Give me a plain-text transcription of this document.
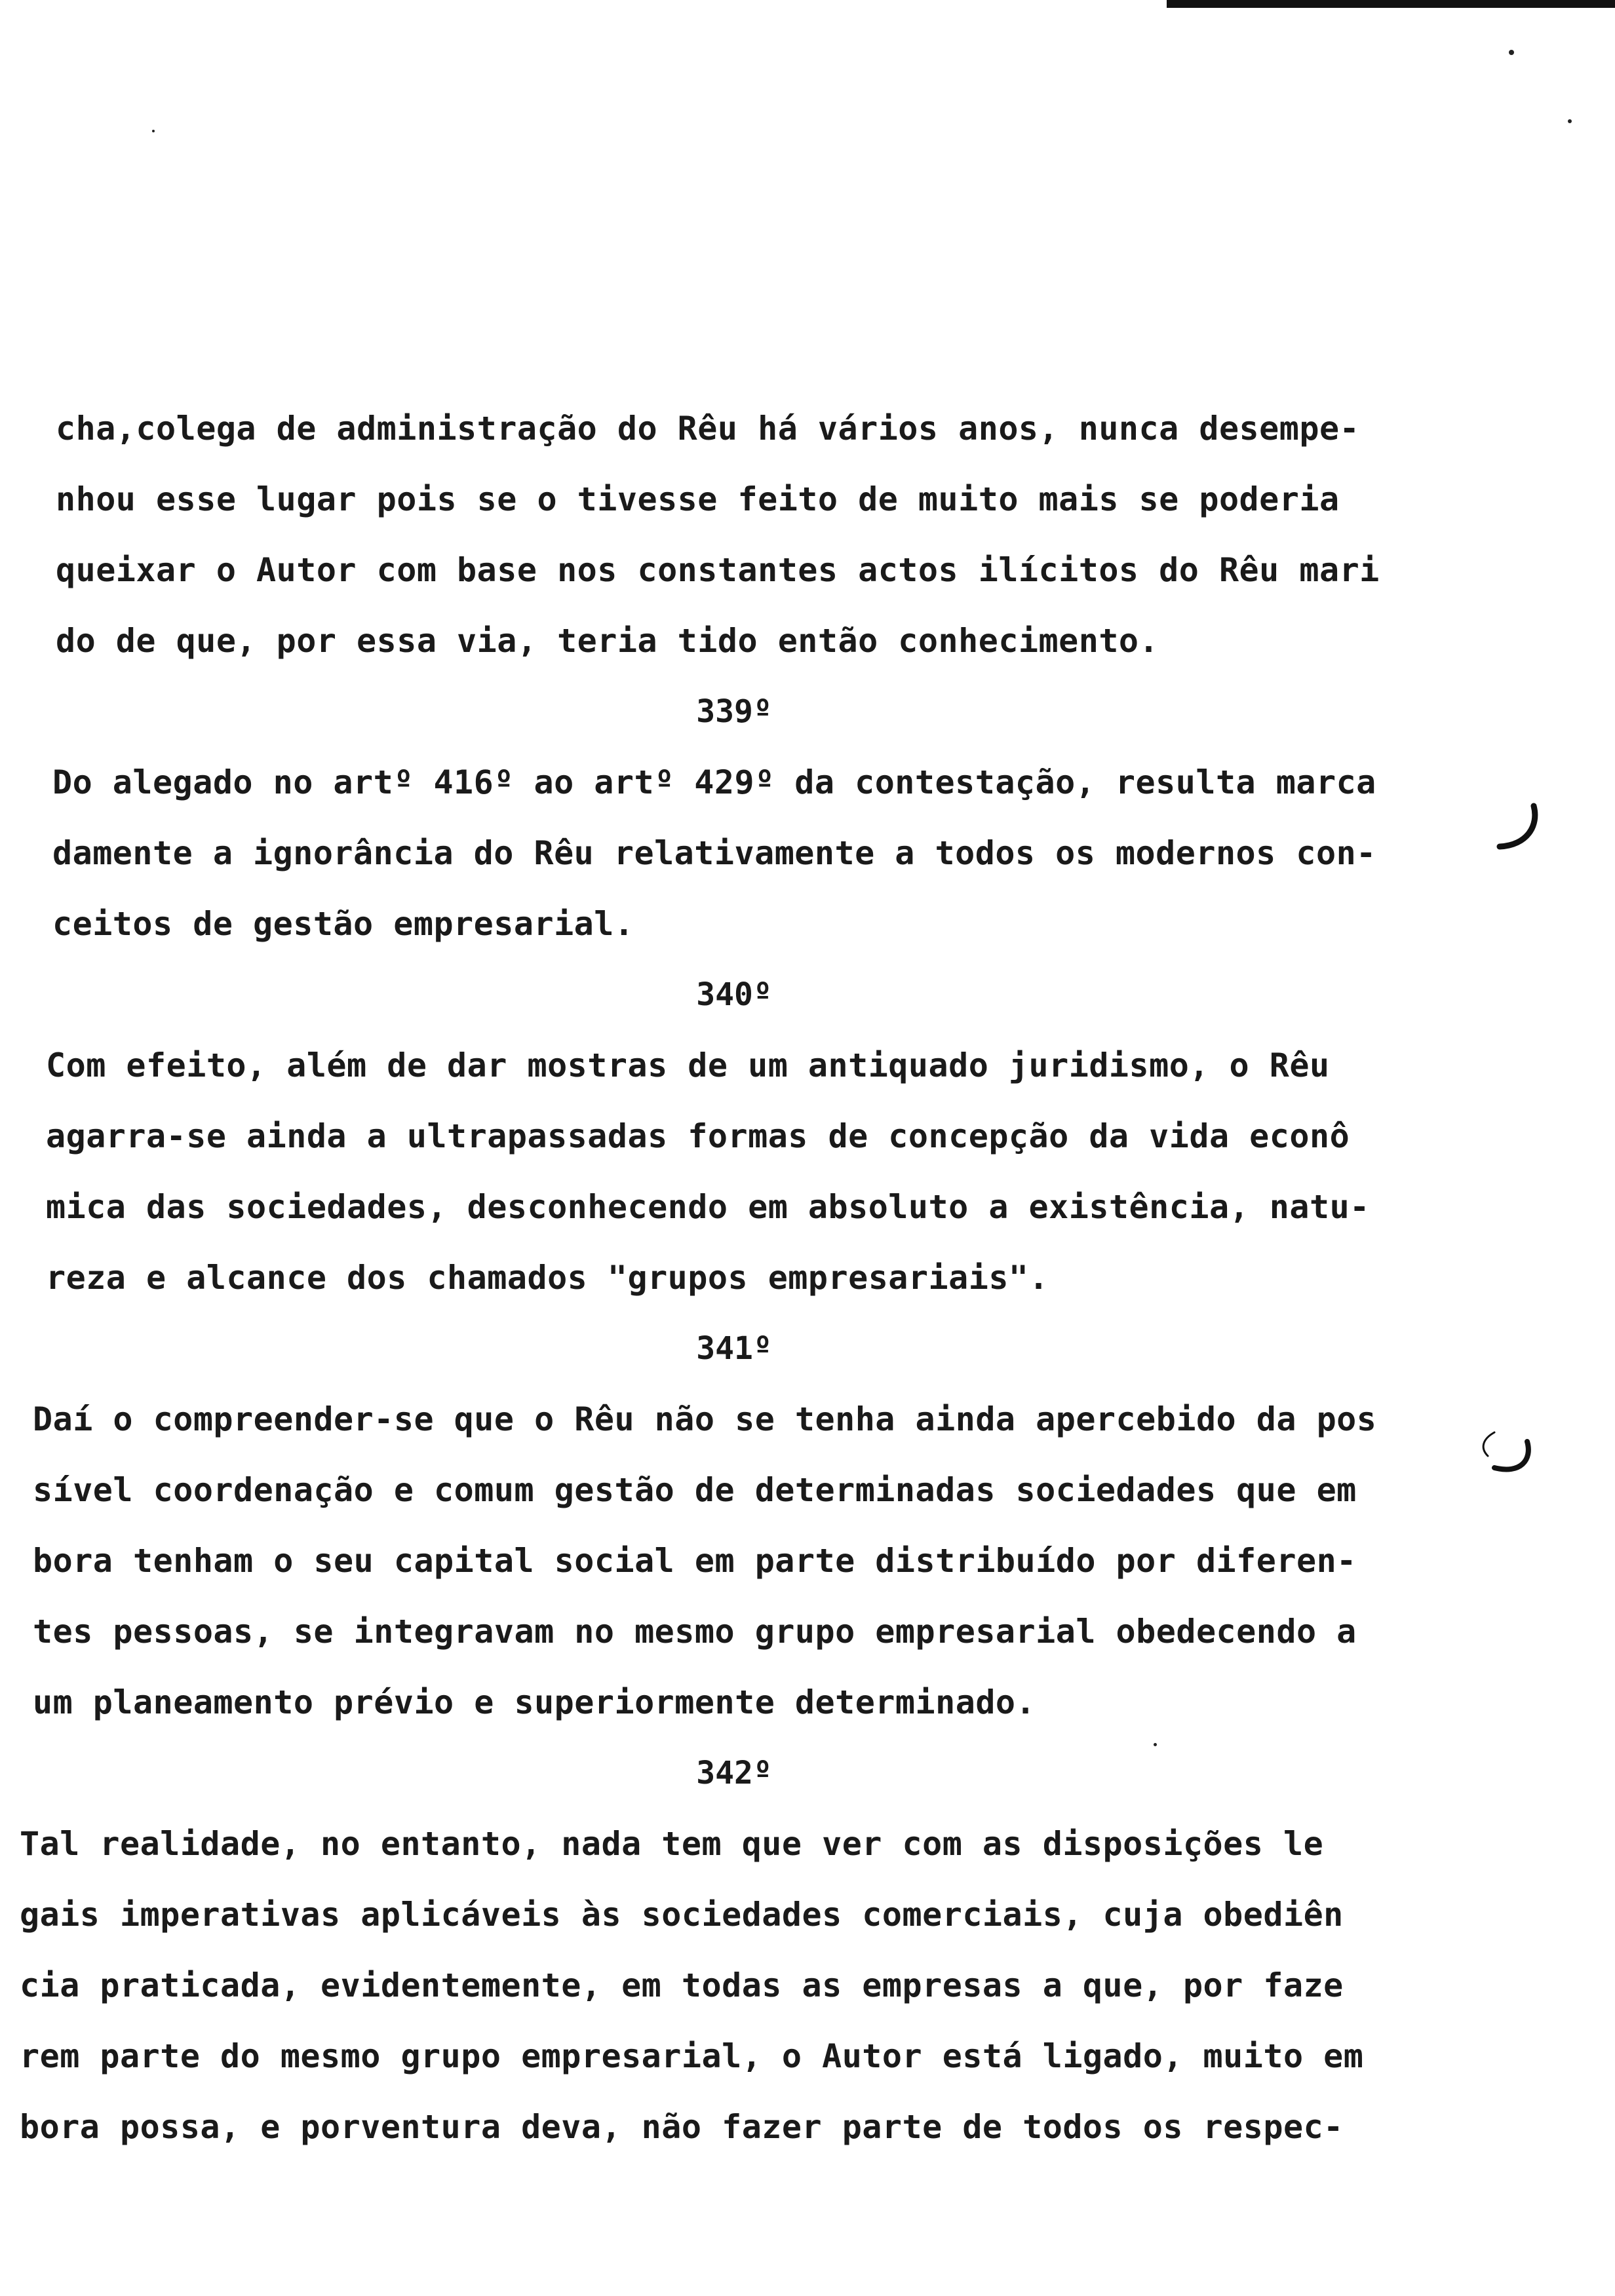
cha,colega de administração do Rêu há vários anos, nunca desempe-
nhou esse lugar pois se o tivesse feito de muito mais se poderia
queixar o Autor com base nos constantes actos ilícitos do Rêu mari
do de que, por essa via, teria tido então conhecimento.
339º
Do alegado no artº 416º ao artº 429º da contestação, resulta marca
damente a ignorância do Rêu relativamente a todos os modernos con-
ceitos de gestão empresarial.
340º
Com efeito, além de dar mostras de um antiquado juridismo, o Rêu
agarra-se ainda a ultrapassadas formas de concepção da vida econô
mica das sociedades, desconhecendo em absoluto a existência, natu-
reza e alcance dos chamados "grupos empresariais".
341º
Daí o compreender-se que o Rêu não se tenha ainda apercebido da pos
sível coordenação e comum gestão de determinadas sociedades que em
bora tenham o seu capital social em parte distribuído por diferen-
tes pessoas, se integravam no mesmo grupo empresarial obedecendo a
um planeamento prévio e superiormente determinado.
342º
Tal realidade, no entanto, nada tem que ver com as disposições le
gais imperativas aplicáveis às sociedades comerciais, cuja obediên
cia praticada, evidentemente, em todas as empresas a que, por faze
rem parte do mesmo grupo empresarial, o Autor está ligado, muito em
bora possa, e porventura deva, não fazer parte de todos os respec-
